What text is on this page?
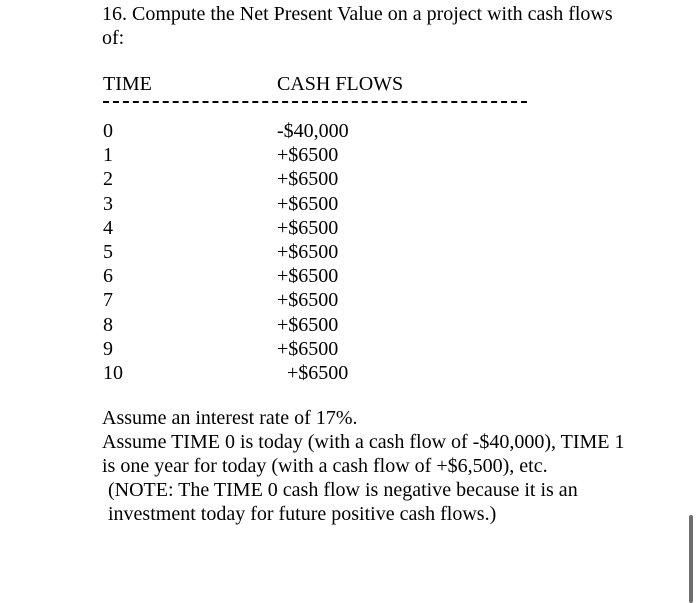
16. Compute the Net Present Value on a project with cash flows of:
TIME	CASH FLOWS
0	-$40,000
1	+$6500
2	+$6500
3	+$6500
4	+$6500
5	+$6500
6	+$6500
7	+$6500
8	+$6500
9	+$6500
10	+$6500

Assume an interest rate of 17%.

Assume TIME 0 is today (with a cash flow of -$40,000), TIME 1 is one year for today (with a cash flow of +$6,500), etc.

(NOTE: The TIME 0 cash flow is negative because it is an investment today for future positive cash flows.)
